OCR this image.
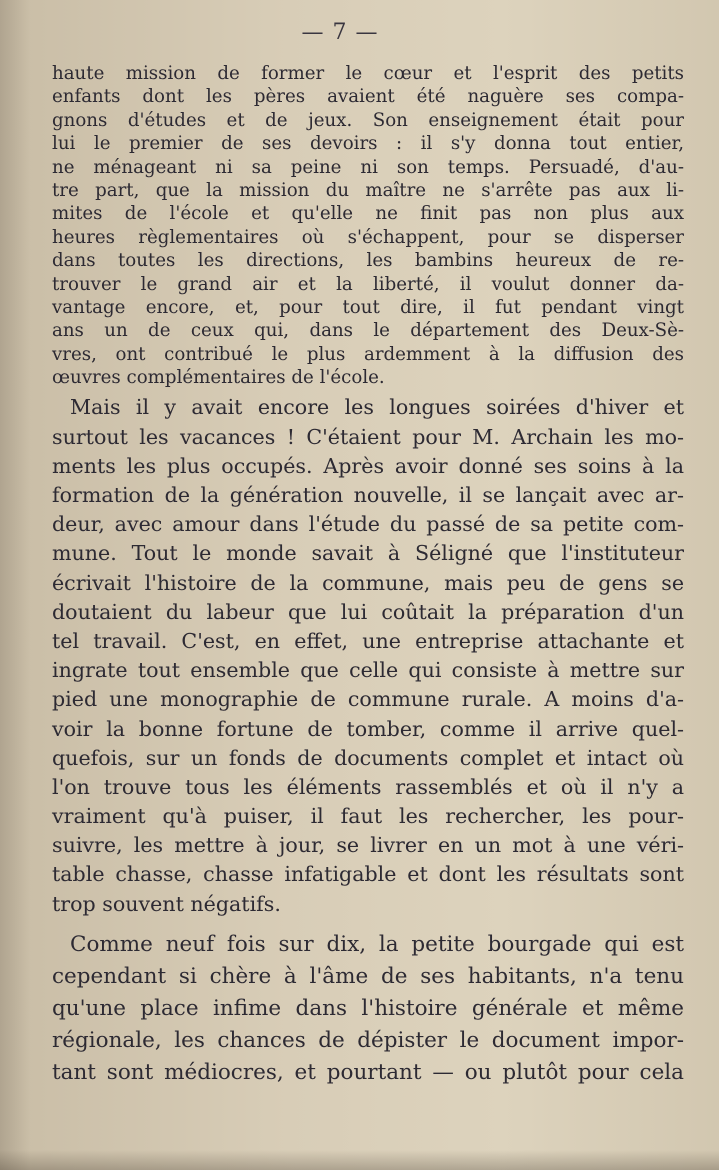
— 7 —
haute mission de former le cœur et l'esprit des petits
enfants dont les pères avaient été naguère ses compa-
gnons d'études et de jeux. Son enseignement était pour
lui le premier de ses devoirs : il s'y donna tout entier,
ne ménageant ni sa peine ni son temps. Persuadé, d'au-
tre part, que la mission du maître ne s'arrête pas aux li-
mites de l'école et qu'elle ne finit pas non plus aux
heures règlementaires où s'échappent, pour se disperser
dans toutes les directions, les bambins heureux de re-
trouver le grand air et la liberté, il voulut donner da-
vantage encore, et, pour tout dire, il fut pendant vingt
ans un de ceux qui, dans le département des Deux-Sè-
vres, ont contribué le plus ardemment à la diffusion des
œuvres complémentaires de l'école.
Mais il y avait encore les longues soirées d'hiver et
surtout les vacances ! C'étaient pour M. Archain les mo-
ments les plus occupés. Après avoir donné ses soins à la
formation de la génération nouvelle, il se lançait avec ar-
deur, avec amour dans l'étude du passé de sa petite com-
mune. Tout le monde savait à Séligné que l'instituteur
écrivait l'histoire de la commune, mais peu de gens se
doutaient du labeur que lui coûtait la préparation d'un
tel travail. C'est, en effet, une entreprise attachante et
ingrate tout ensemble que celle qui consiste à mettre sur
pied une monographie de commune rurale. A moins d'a-
voir la bonne fortune de tomber, comme il arrive quel-
quefois, sur un fonds de documents complet et intact où
l'on trouve tous les éléments rassemblés et où il n'y a
vraiment qu'à puiser, il faut les rechercher, les pour-
suivre, les mettre à jour, se livrer en un mot à une véri-
table chasse, chasse infatigable et dont les résultats sont
trop souvent négatifs.
Comme neuf fois sur dix, la petite bourgade qui est
cependant si chère à l'âme de ses habitants, n'a tenu
qu'une place infime dans l'histoire générale et même
régionale, les chances de dépister le document impor-
tant sont médiocres, et pourtant — ou plutôt pour cela
